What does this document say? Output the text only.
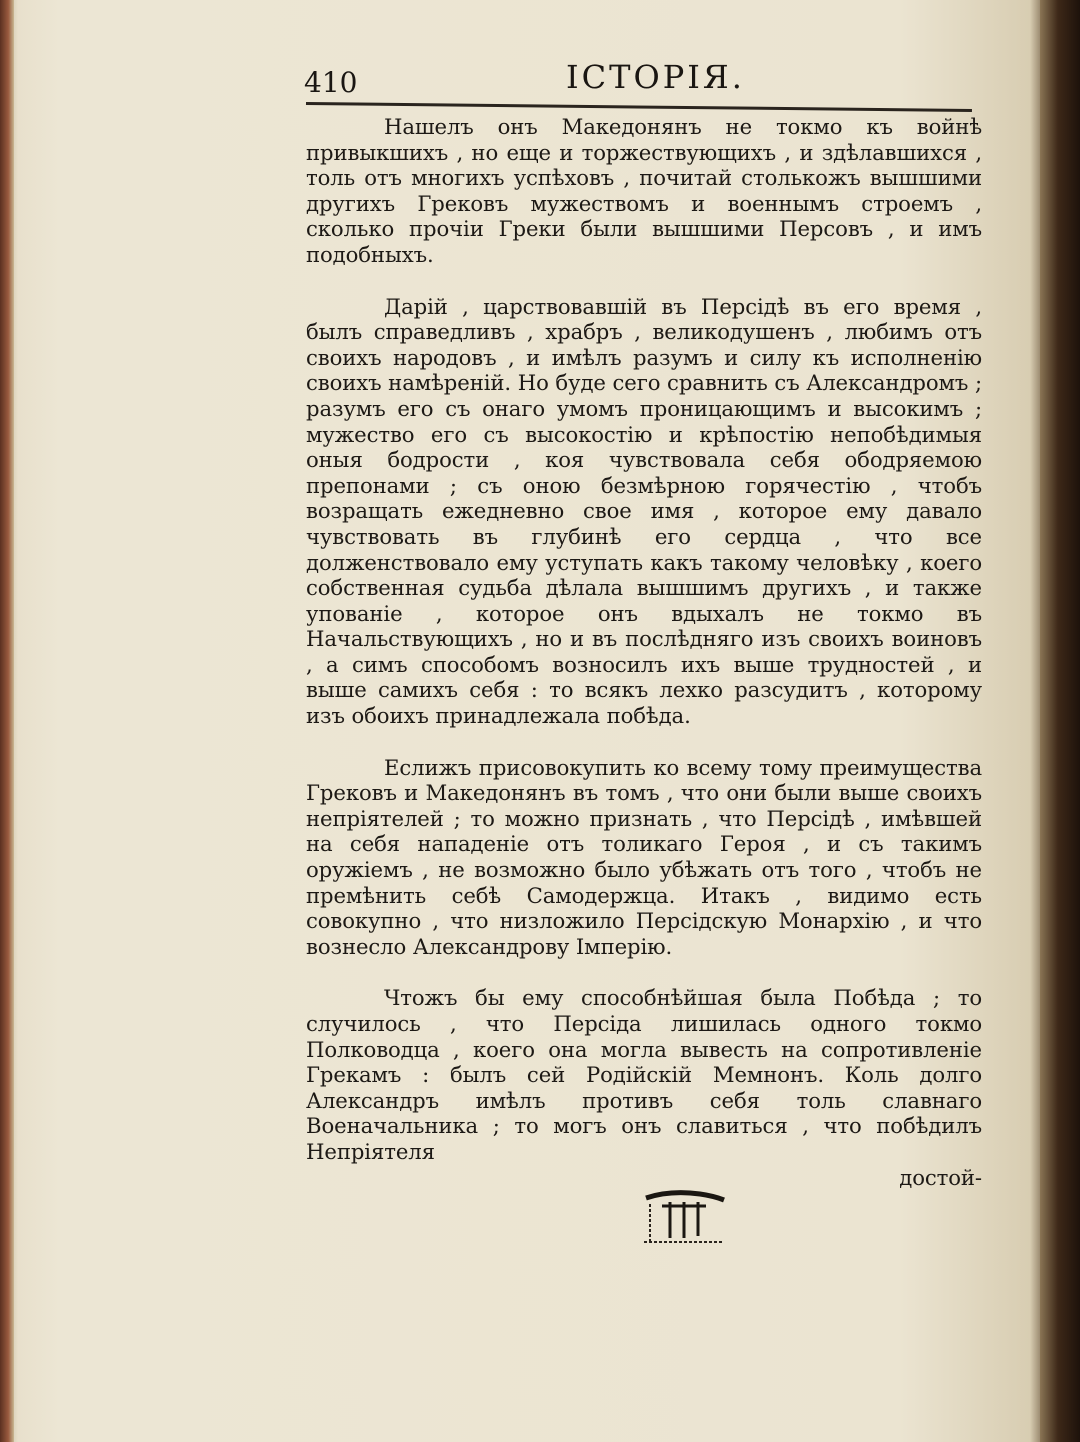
410	ІСТОРІЯ.

Нашелъ онъ Македонянъ не токмо къ войнѣ привыкшихъ , но еще и торжествующихъ , и здѣлавшихся , толь отъ многихъ успѣховъ , почитай столькожъ вышшими другихъ Грековъ мужествомъ и военнымъ строемъ , сколько прочіи Греки были вышшими Персовъ , и имъ подобныхъ.

Дарій , царствовавшій въ Персідѣ въ его время , былъ справедливъ , храбръ , великодушенъ , любимъ отъ своихъ народовъ , и имѣлъ разумъ и силу къ исполненію своихъ намѣреній. Но буде сего сравнить съ Александромъ ; разумъ его съ онаго умомъ проницающимъ и высокимъ ; мужество его съ высокостію и крѣпостію непобѣдимыя оныя бодрости , коя чувствовала себя ободряемою препонами ; съ оною безмѣрною горячестію , чтобъ возращать ежедневно свое имя , которое ему давало чувствовать въ глубинѣ его сердца , что все долженствовало ему уступать какъ такому человѣку , коего собственная судьба дѣлала вышшимъ другихъ , и также упованіе , которое онъ вдыхалъ не токмо въ Начальствующихъ , но и въ послѣдняго изъ своихъ воиновъ , а симъ способомъ возносилъ ихъ выше трудностей , и выше самихъ себя : то всякъ лехко разсудитъ , которому изъ обоихъ принадлежала побѣда.

Еслижъ присовокупить ко всему тому преимущества Грековъ и Македонянъ въ томъ , что они были выше своихъ непріятелей ; то можно признать , что Персідѣ , имѣвшей на себя нападеніе отъ толикаго Героя , и съ такимъ оружіемъ , не возможно было убѣжать отъ того , чтобъ не премѣнить себѣ Самодержца. Итакъ , видимо есть совокупно , что низложило Персідскую Монархію , и что вознесло Александрову Імперію.

Чтожъ бы ему способнѣйшая была Побѣда ; то случилось , что Персіда лишилась одного токмо Полководца , коего она могла вывесть на сопротивленіе Грекамъ : былъ сей Родійскій Мемнонъ. Коль долго Александръ имѣлъ противъ себя толь славнаго Военачальника ; то могъ онъ славиться , что побѣдилъ Непріятеля

достой-
